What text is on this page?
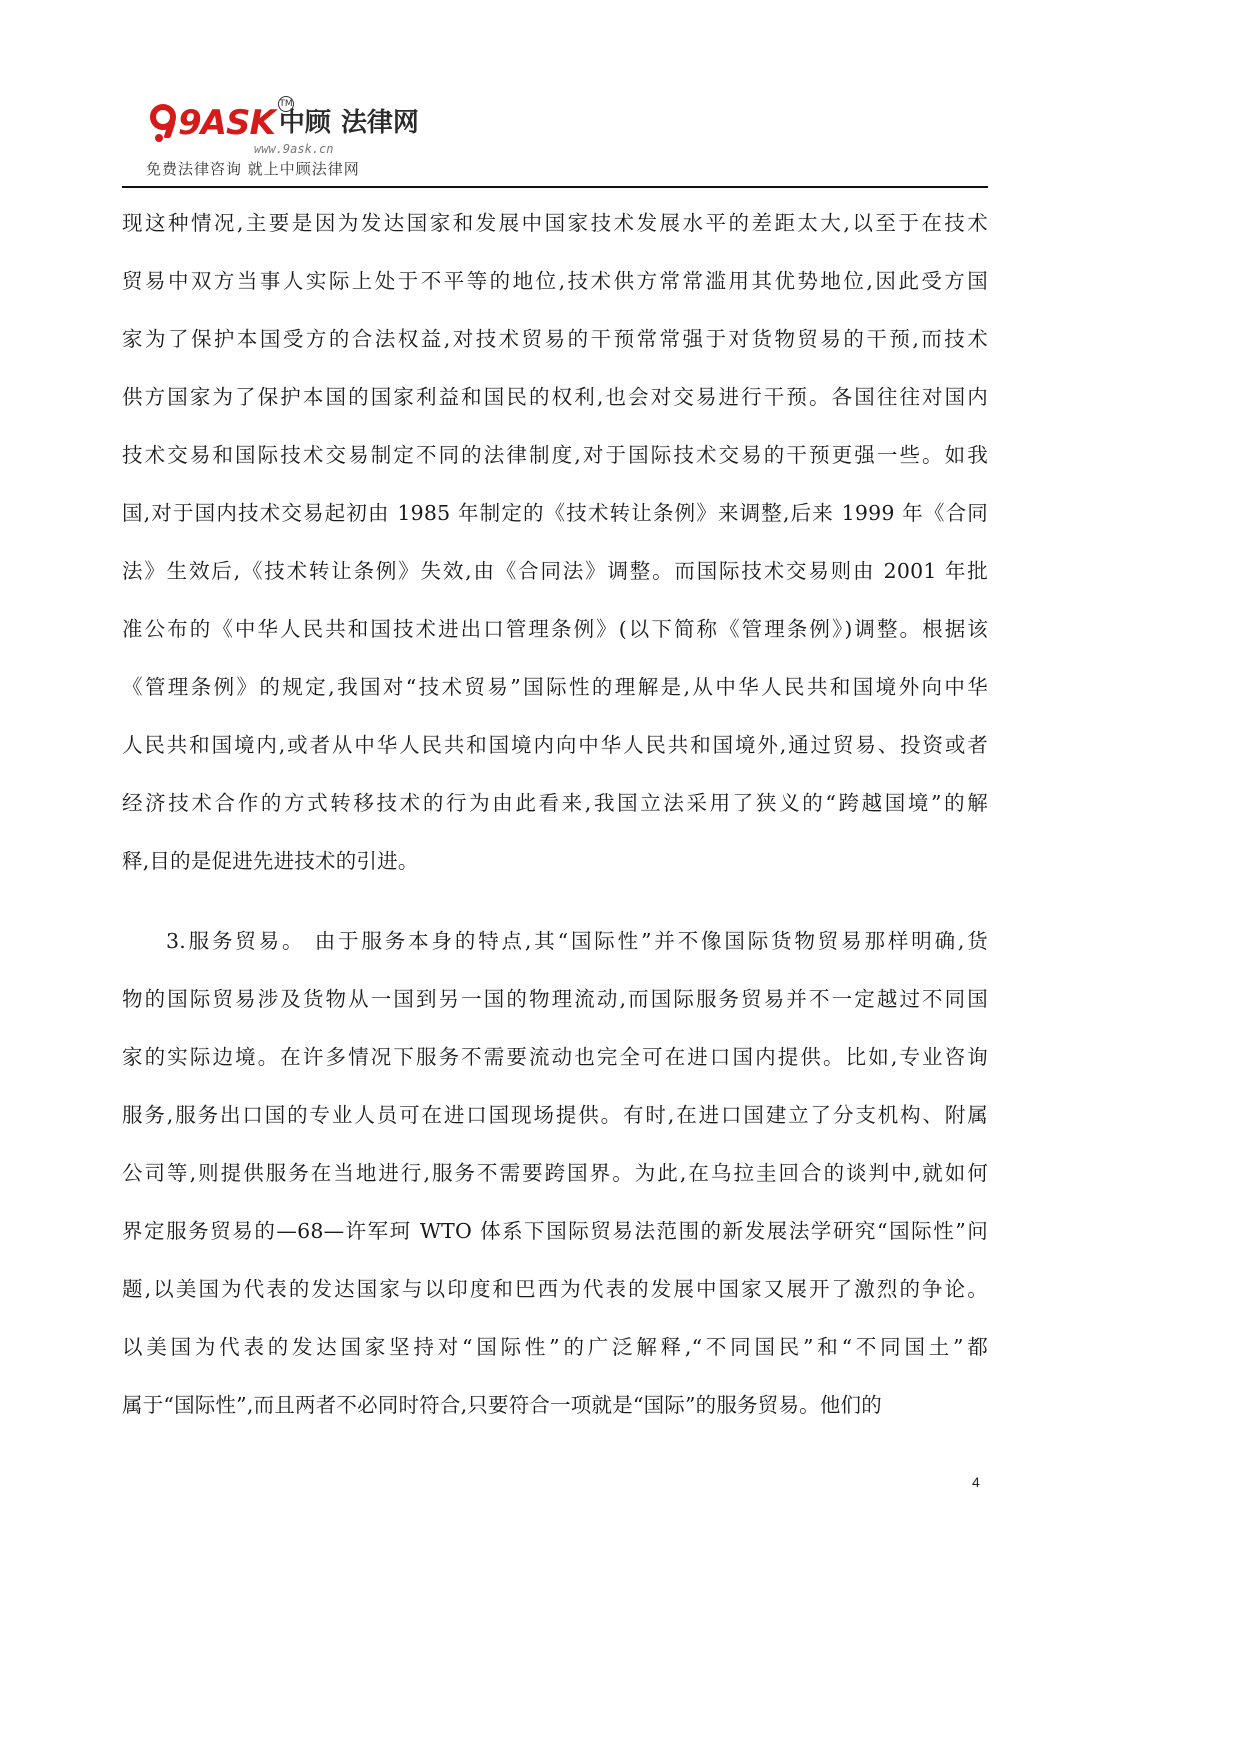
9ASK 中顾 法律网
TM
www.9ask.cn
免费法律咨询 就上中顾法律网
现这种情况,主要是因为发达国家和发展中国家技术发展水平的差距太大,以至于在技术
贸易中双方当事人实际上处于不平等的地位,技术供方常常滥用其优势地位,因此受方国
家为了保护本国受方的合法权益,对技术贸易的干预常常强于对货物贸易的干预,而技术
供方国家为了保护本国的国家利益和国民的权利,也会对交易进行干预。各国往往对国内
技术交易和国际技术交易制定不同的法律制度,对于国际技术交易的干预更强一些。如我
国,对于国内技术交易起初由 1985 年制定的《技术转让条例》来调整,后来 1999 年《合同
法》生效后,《技术转让条例》失效,由《合同法》调整。而国际技术交易则由 2001 年批
准公布的《中华人民共和国技术进出口管理条例》(以下简称《管理条例》)调整。根据该
《管理条例》的规定,我国对“技术贸易”国际性的理解是,从中华人民共和国境外向中华
人民共和国境内,或者从中华人民共和国境内向中华人民共和国境外,通过贸易、投资或者
经济技术合作的方式转移技术的行为由此看来,我国立法采用了狭义的“跨越国境”的解
释,目的是促进先进技术的引进。
3.服务贸易。 由于服务本身的特点,其“国际性”并不像国际货物贸易那样明确,货
物的国际贸易涉及货物从一国到另一国的物理流动,而国际服务贸易并不一定越过不同国
家的实际边境。在许多情况下服务不需要流动也完全可在进口国内提供。比如,专业咨询
服务,服务出口国的专业人员可在进口国现场提供。有时,在进口国建立了分支机构、附属
公司等,则提供服务在当地进行,服务不需要跨国界。为此,在乌拉圭回合的谈判中,就如何
界定服务贸易的—68—许军珂 WTO 体系下国际贸易法范围的新发展法学研究“国际性”问
题,以美国为代表的发达国家与以印度和巴西为代表的发展中国家又展开了激烈的争论。
以美国为代表的发达国家坚持对“国际性”的广泛解释,“不同国民”和“不同国土”都
属于“国际性”,而且两者不必同时符合,只要符合一项就是“国际”的服务贸易。他们的
4
